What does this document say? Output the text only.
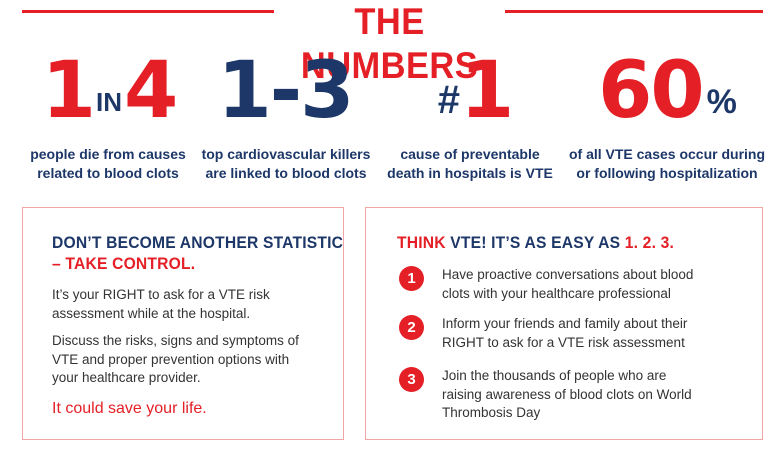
THE NUMBERS
1IN4
people die from causes
related to blood clots
1-3
top cardiovascular killers
are linked to blood clots
#1
cause of preventable
death in hospitals is VTE
60 %
of all VTE cases occur during
or following hospitalization
DON’T BECOME ANOTHER STATISTIC
– TAKE CONTROL.
It’s your RIGHT to ask for a VTE risk
assessment while at the hospital.
Discuss the risks, signs and symptoms of
VTE and proper prevention options with
your healthcare provider.
It could save your life.
THINK VTE! IT’S AS EASY AS 1. 2. 3.
1	Have proactive conversations about blood
clots with your healthcare professional
2	Inform your friends and family about their
RIGHT to ask for a VTE risk assessment
3	Join the thousands of people who are
raising awareness of blood clots on World
Thrombosis Day
